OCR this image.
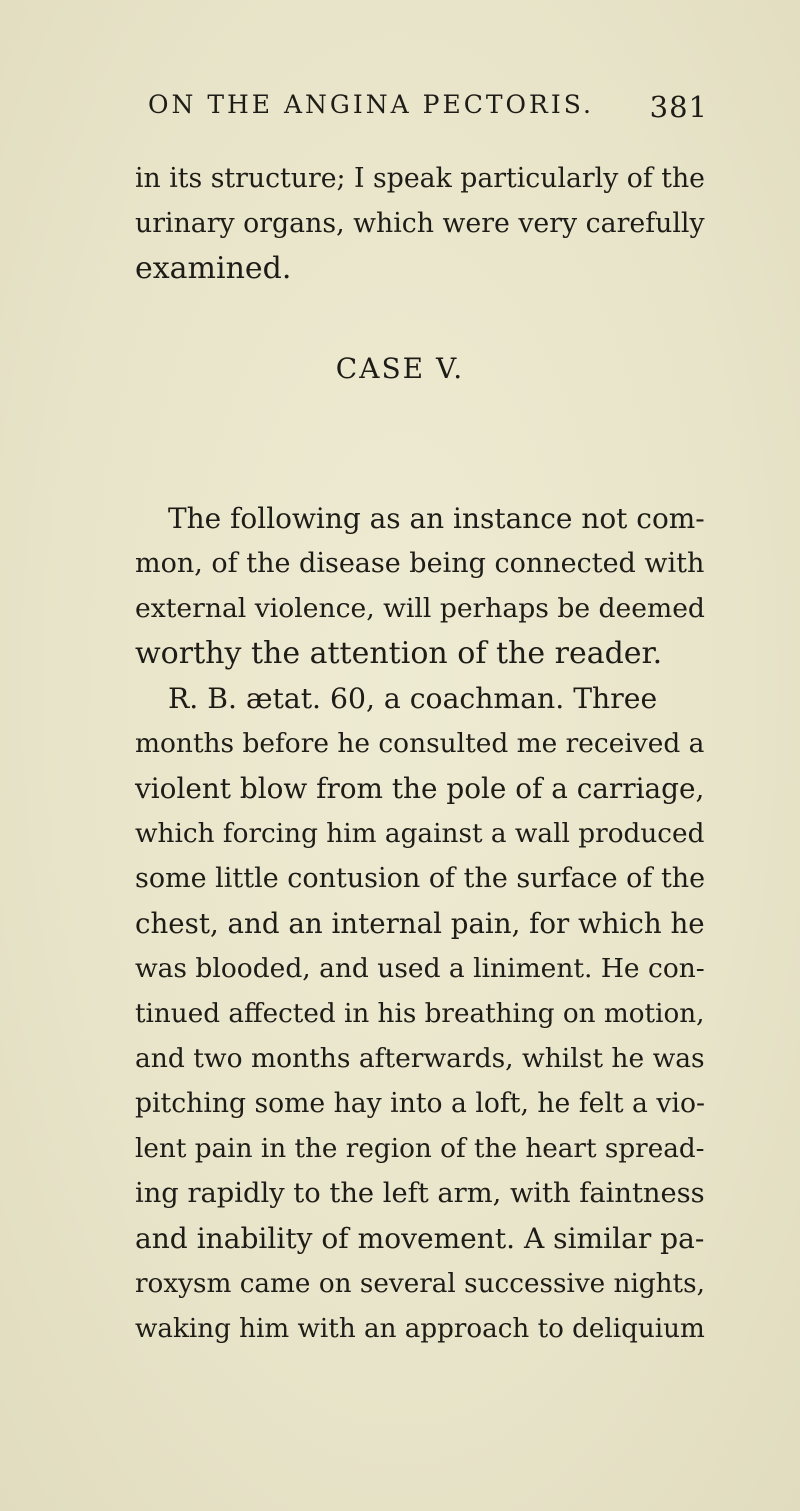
ON THE ANGINA PECTORIS. 381
in its structure; I speak particularly of the
urinary organs, which were very carefully
examined.
CASE V.
The following as an instance not com-
mon, of the disease being connected with
external violence, will perhaps be deemed
worthy the attention of the reader.
R. B. ætat. 60, a coachman. Three
months before he consulted me received a
violent blow from the pole of a carriage,
which forcing him against a wall produced
some little contusion of the surface of the
chest, and an internal pain, for which he
was blooded, and used a liniment. He con-
tinued affected in his breathing on motion,
and two months afterwards, whilst he was
pitching some hay into a loft, he felt a vio-
lent pain in the region of the heart spread-
ing rapidly to the left arm, with faintness
and inability of movement. A similar pa-
roxysm came on several successive nights,
waking him with an approach to deliquium
